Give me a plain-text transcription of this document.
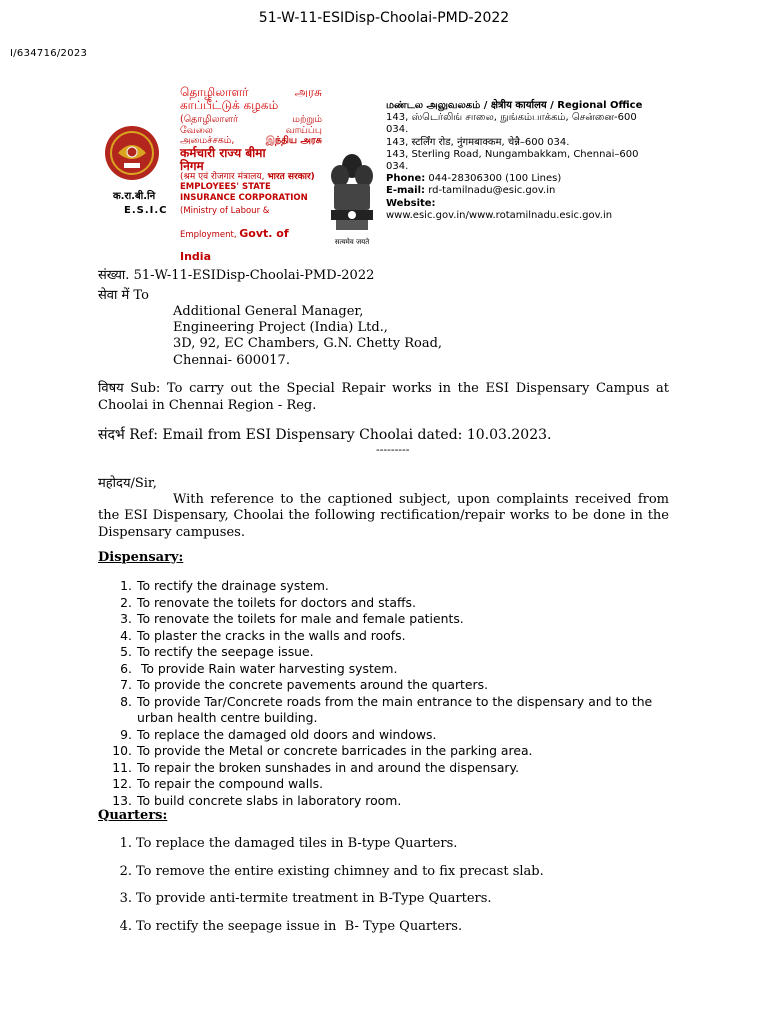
51-W-11-ESIDisp-Choolai-PMD-2022
I/634716/2023
क.रा.बी.नि
E.S.I.C
தொழிலாளர்	அரசு
காப்பீட்டுக் கழகம்
(தொழிலாளர்	மற்றும்
வேலை	வாய்ப்பு
அமைச்சகம்,	இந்திய அரசு
कर्मचारी राज्य बीमा
निगम
(श्रम एवं रोजगार मंत्रालय, भारत सरकार)
EMPLOYEES' STATE
INSURANCE CORPORATION
(Ministry of Labour &
Employment, Govt. of India
सत्यमेव जयते
மண்டல அலுவலகம் / क्षेत्रीय कार्यालय / Regional Office
143, ஸ்டெர்லிங் சாலை, நுங்கம்பாக்கம், சென்னை-600 034.
143, स्टर्लिंग रोड, नुंगमबाक्कम, चेन्नै–600 034.
143, Sterling Road, Nungambakkam, Chennai–600 034.
Phone: 044-28306300 (100 Lines)
E-mail: rd-tamilnadu@esic.gov.in
Website:
www.esic.gov.in/www.rotamilnadu.esic.gov.in
संख्या. 51-W-11-ESIDisp-Choolai-PMD-2022
सेवा में To
Additional General Manager,
Engineering Project (India) Ltd.,
3D, 92, EC Chambers, G.N. Chetty Road,
Chennai- 600017.
विषय Sub: To carry out the Special Repair works in the ESI Dispensary Campus at Choolai in Chennai Region - Reg.
संदर्भ Ref: Email from ESI Dispensary Choolai dated: 10.03.2023.
---------
महोदय/Sir,
With reference to the captioned subject, upon complaints received from the ESI Dispensary, Choolai the following rectification/repair works to be done in the Dispensary campuses.
Dispensary:
1. To rectify the drainage system.
2. To renovate the toilets for doctors and staffs.
3. To renovate the toilets for male and female patients.
4. To plaster the cracks in the walls and roofs.
5. To rectify the seepage issue.
6. To provide Rain water harvesting system.
7. To provide the concrete pavements around the quarters.
8. To provide Tar/Concrete roads from the main entrance to the dispensary and to the urban health centre building.
9. To replace the damaged old doors and windows.
10. To provide the Metal or concrete barricades in the parking area.
11. To repair the broken sunshades in and around the dispensary.
12. To repair the compound walls.
13. To build concrete slabs in laboratory room.
Quarters:
1. To replace the damaged tiles in B-type Quarters.
2. To remove the entire existing chimney and to fix precast slab.
3. To provide anti-termite treatment in B-Type Quarters.
4. To rectify the seepage issue in  B- Type Quarters.
